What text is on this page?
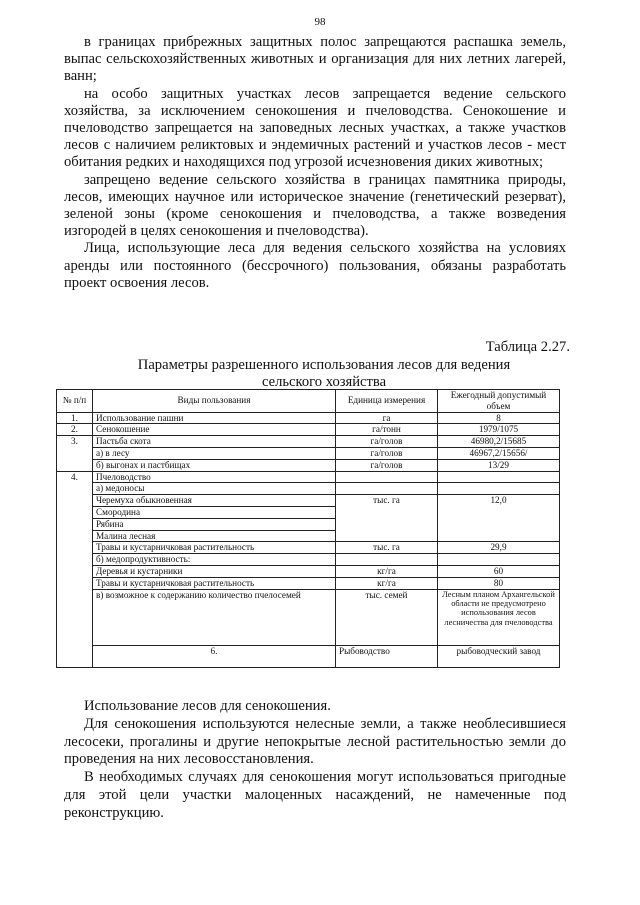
98

в границах прибрежных защитных полос запрещаются распашка земель, выпас сельскохозяйственных животных и организация для них летних лагерей, ванн;

на особо защитных участках лесов запрещается ведение сельского хозяйства, за исключением сенокошения и пчеловодства. Сенокошение и пчеловодство запрещается на заповедных лесных участках, а также участков лесов с наличием реликтовых и эндемичных растений и участков лесов - мест обитания редких и находящихся под угрозой исчезновения диких животных;

запрещено ведение сельского хозяйства в границах памятника природы, лесов, имеющих научное или историческое значение (генетический резерват), зеленой зоны (кроме сенокошения и пчеловодства, а также возведения изгородей в целях сенокошения и пчеловодства).

Лица, использующие леса для ведения сельского хозяйства на условиях аренды или постоянного (бессрочного) пользования, обязаны разработать проект освоения лесов.

Таблица 2.27.
Параметры разрешенного использования лесов для ведения
сельского хозяйства
№ п/п	Виды пользования	Единица измерения	Ежегодный допустимый объем	
1.	Использование пашни	га	8	
2.	Сенокошение	га/тонн	1979/1075	
3.	Пастьба скота	га/голов	46980,2/15685	
	а) в лесу	га/голов	46967,2/15656/	
	б) выгонах и пастбищах	га/голов	13/29	
4.	Пчеловодство			
	а) медоносы			
	Черемуха обыкновенная	тыс. га	12,0	
	Смородина			
	Рябина			
	Малина лесная			
	Травы и кустарничковая растительность	тыс. га	29,9	
	б) медопродуктивность:			
	Деревья и кустарники	кг/га	60	
	Травы и кустарничковая растительность	кг/га	80	
	в) возможное к содержанию количество пчелосемей	тыс. семей	Лесным планом Архангельской области не предусмотрено использования лесов лесничества для пчеловодства	
	6.	Рыбоводство	рыбоводческий завод	

Использование лесов для сенокошения.

Для сенокошения используются нелесные земли, а также необлесившиеся лесосеки, прогалины и другие непокрытые лесной растительностью земли до проведения на них лесовосстановления.

В необходимых случаях для сенокошения могут использоваться пригодные для этой цели участки малоценных насаждений, не намеченные под реконструкцию.
